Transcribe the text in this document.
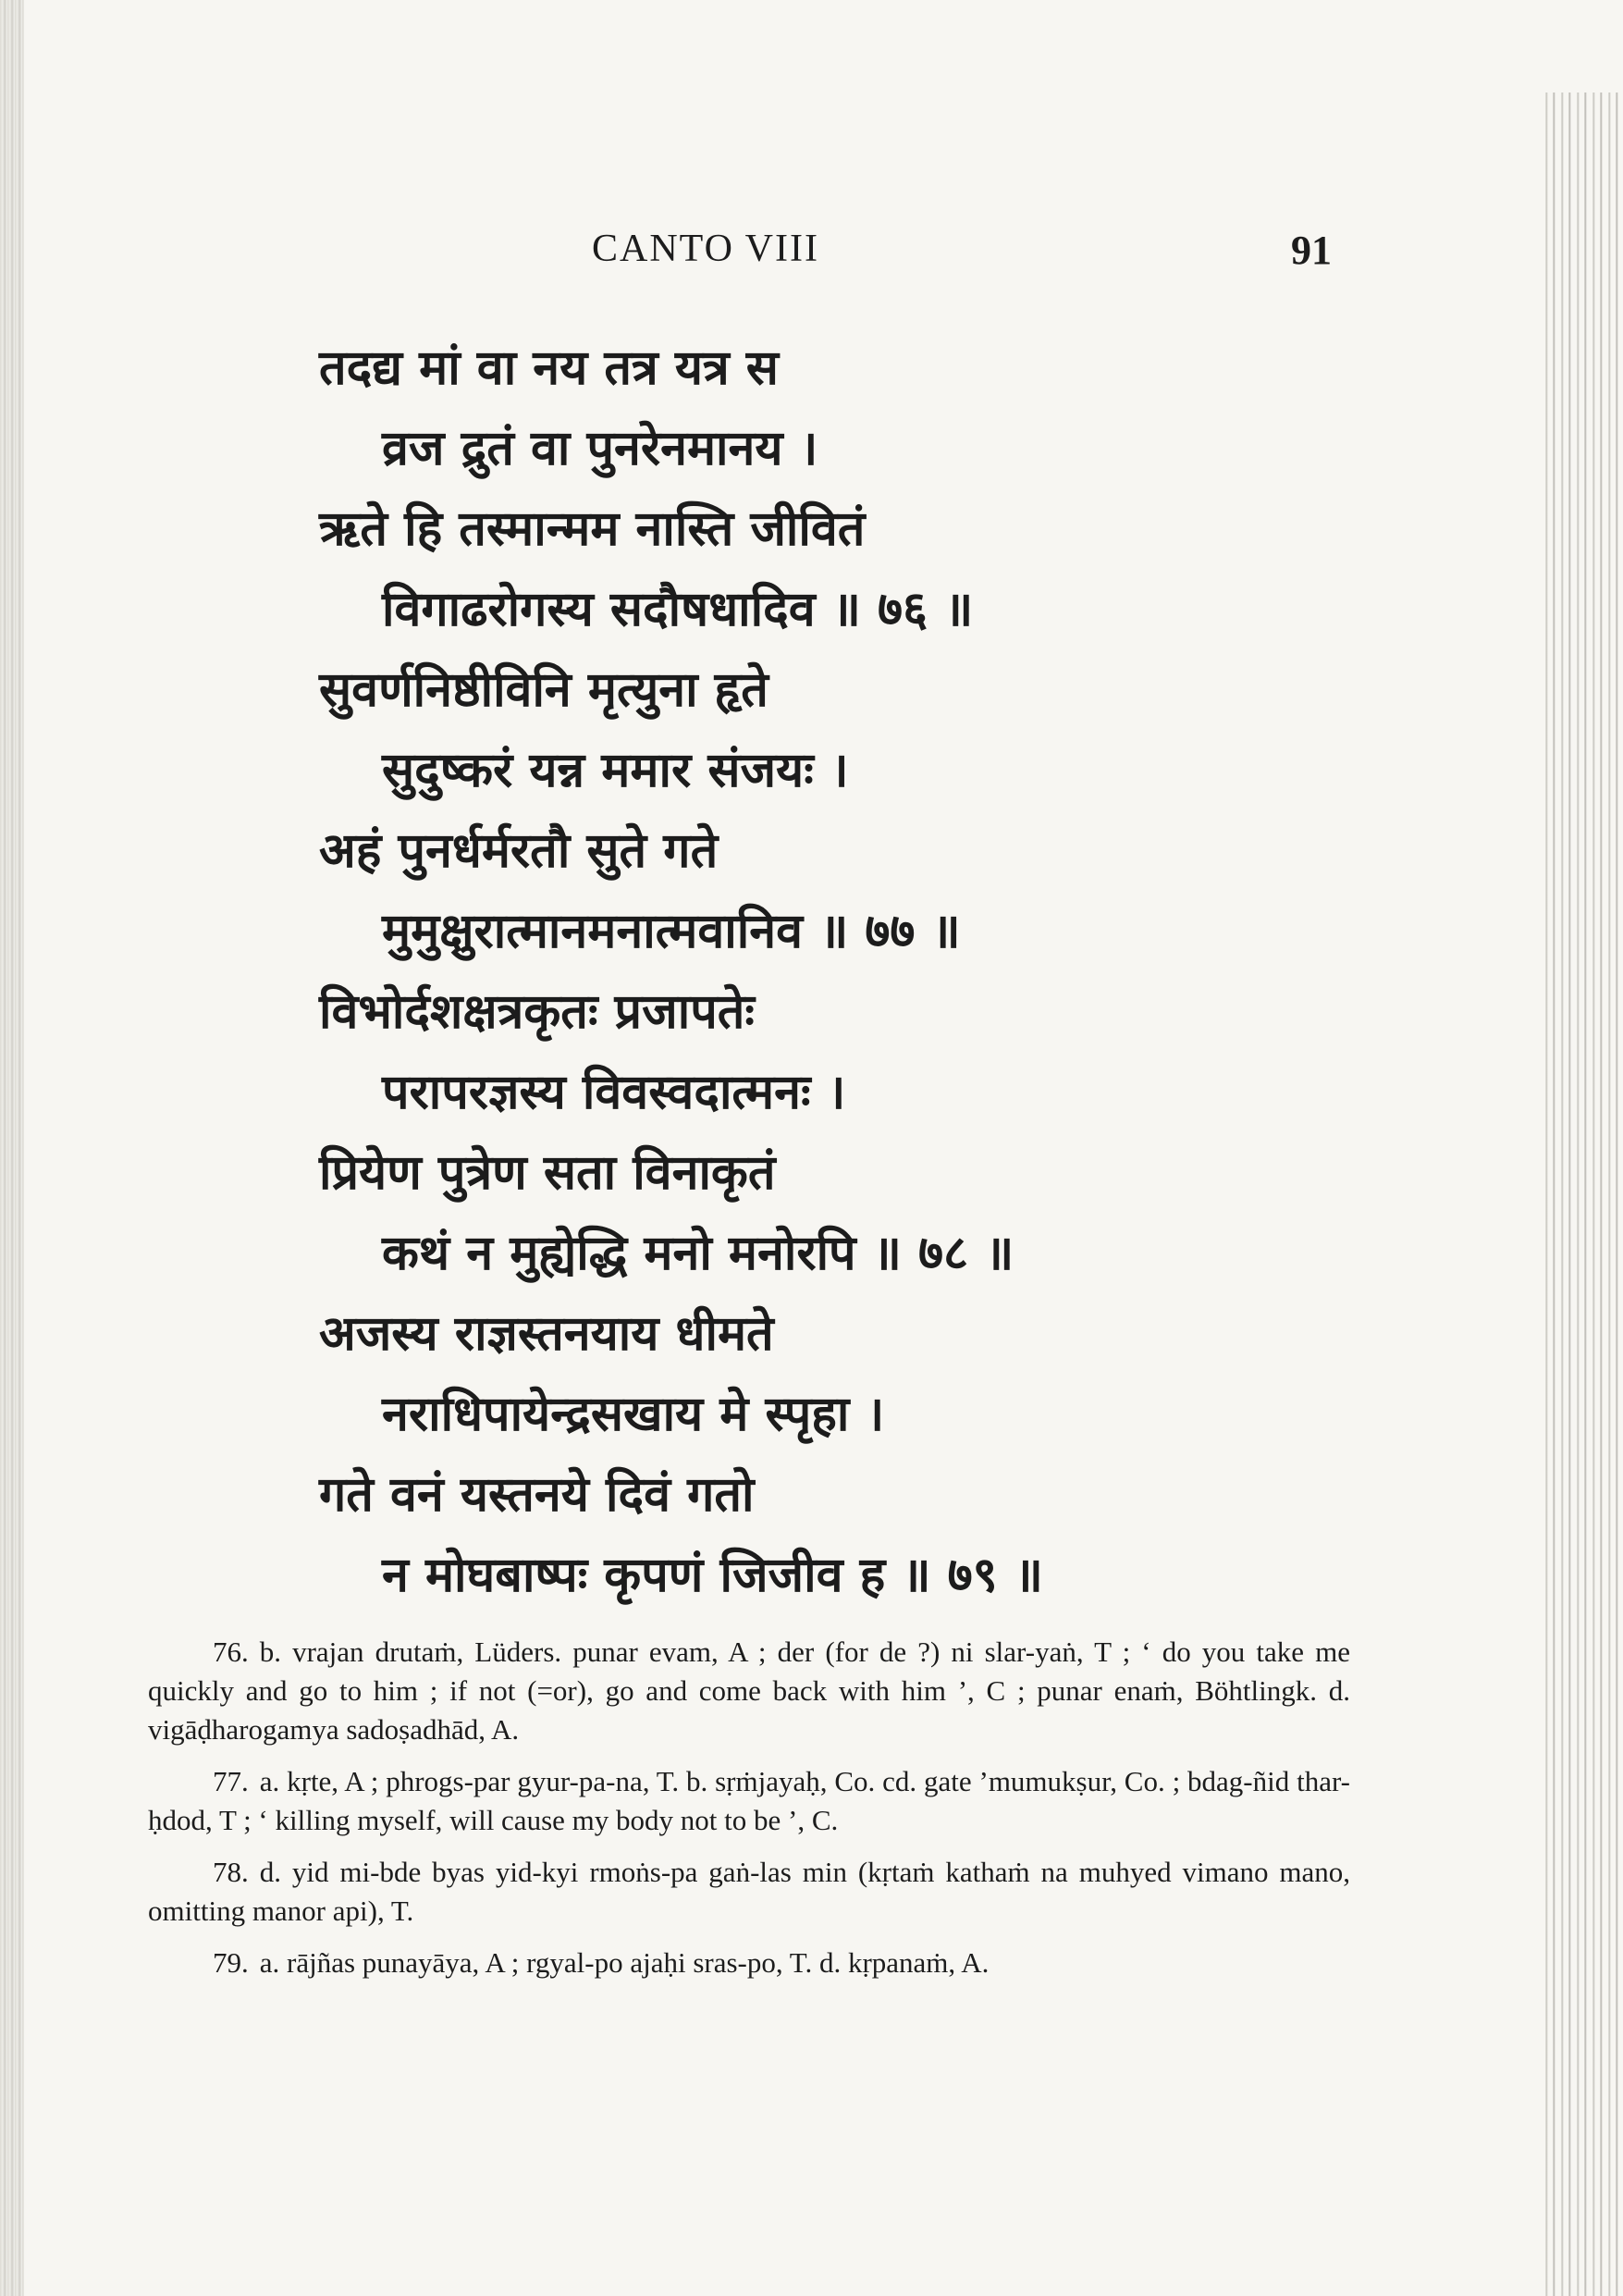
CANTO VIII	91
तदद्य मां वा नय तत्र यत्र स
व्रज द्रुतं वा पुनरेनमानय ।
ऋते हि तस्मान्मम नास्ति जीवितं
विगाढरोगस्य सदौषधादिव ॥ ७६ ॥
सुवर्णनिष्ठीविनि मृत्युना हृते
सुदुष्करं यन्न ममार संजयः ।
अहं पुनर्धर्मरतौ सुते गते
मुमुक्षुरात्मानमनात्मवानिव ॥ ७७ ॥
विभोर्दशक्षत्रकृतः प्रजापतेः
परापरज्ञस्य विवस्वदात्मनः ।
प्रियेण पुत्रेण सता विनाकृतं
कथं न मुह्येद्धि मनो मनोरपि ॥ ७८ ॥
अजस्य राज्ञस्तनयाय धीमते
नराधिपायेन्द्रसखाय मे स्पृहा ।
गते वनं यस्तनये दिवं गतो
न मोघबाष्पः कृपणं जिजीव ह ॥ ७९ ॥

76. b. vrajan drutaṁ, Lüders. punar evam, A ; der (for de ?) ni slar-yaṅ, T ; ‘ do you take me quickly and go to him ; if not (=or), go and come back with him ’, C ; punar enaṁ, Böhtlingk. d. vigāḍharogamya sadoṣadhād, A.

77. a. kṛte, A ; phrogs-par gyur-pa-na, T. b. sṛṁjayaḥ, Co. cd. gate ’mumukṣur, Co. ; bdag-ñid thar-ḥdod, T ; ‘ killing myself, will cause my body not to be ’, C.

78. d. yid mi-bde byas yid-kyi rmoṅs-pa gaṅ-las min (kṛtaṁ kathaṁ na muhyed vimano mano, omitting manor api), T.

79. a. rājñas punayāya, A ; rgyal-po ajaḥi sras-po, T. d. kṛpanaṁ, A.
